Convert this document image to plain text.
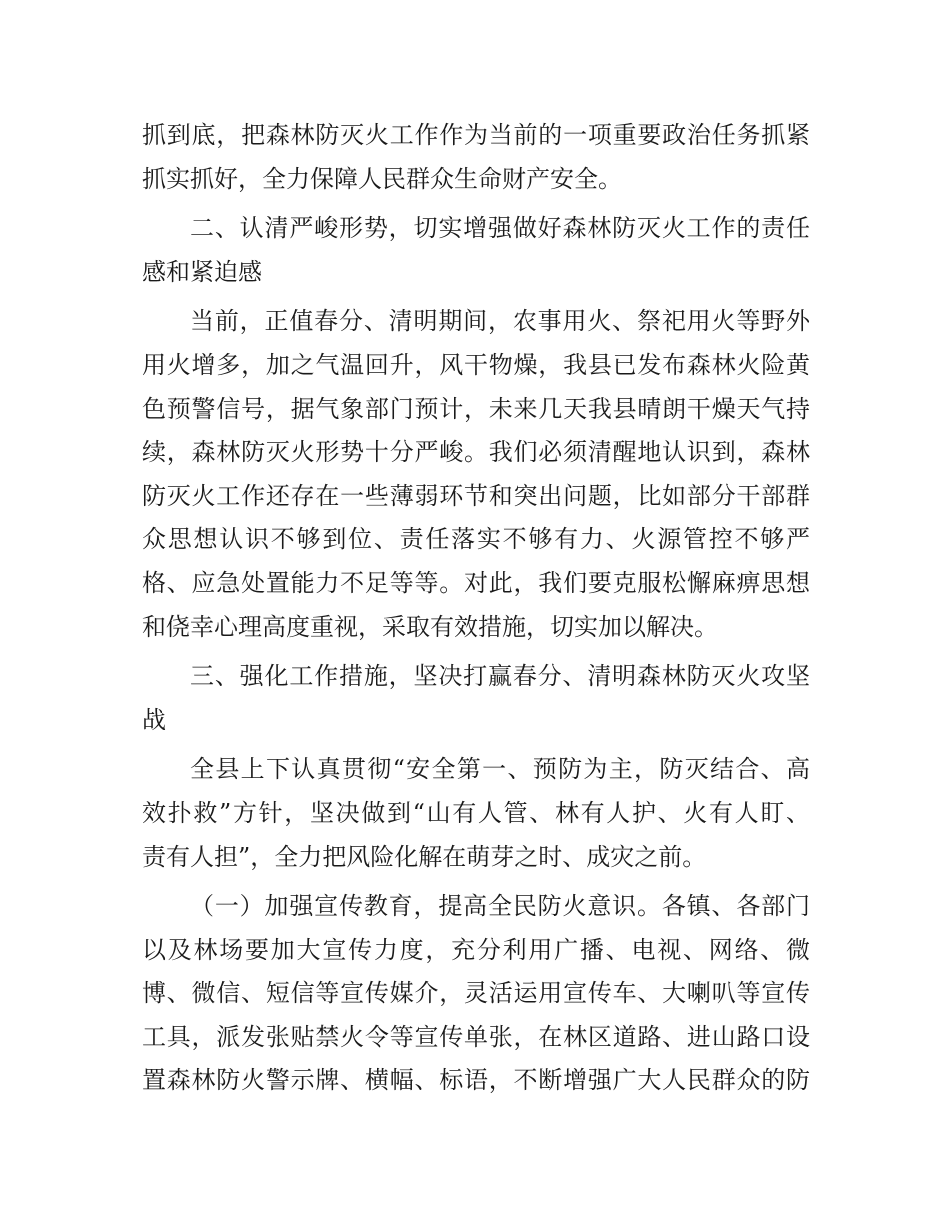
抓到底，把森林防灭火工作作为当前的一项重要政治任务抓紧
抓实抓好，全力保障人民群众生命财产安全。
二、认清严峻形势，切实增强做好森林防灭火工作的责任
感和紧迫感
当前，正值春分、清明期间，农事用火、祭祀用火等野外
用火增多，加之气温回升，风干物燥，我县已发布森林火险黄
色预警信号，据气象部门预计，未来几天我县晴朗干燥天气持
续，森林防灭火形势十分严峻。我们必须清醒地认识到，森林
防灭火工作还存在一些薄弱环节和突出问题，比如部分干部群
众思想认识不够到位、责任落实不够有力、火源管控不够严
格、应急处置能力不足等等。对此，我们要克服松懈麻痹思想
和侥幸心理高度重视，采取有效措施，切实加以解决。
三、强化工作措施，坚决打赢春分、清明森林防灭火攻坚
战
全县上下认真贯彻“安全第一、预防为主，防灭结合、高
效扑救”方针，坚决做到“山有人管、林有人护、火有人盯、
责有人担”，全力把风险化解在萌芽之时、成灾之前。
（一）加强宣传教育，提高全民防火意识。各镇、各部门
以及林场要加大宣传力度，充分利用广播、电视、网络、微
博、微信、短信等宣传媒介，灵活运用宣传车、大喇叭等宣传
工具，派发张贴禁火令等宣传单张，在林区道路、进山路口设
置森林防火警示牌、横幅、标语，不断增强广大人民群众的防
